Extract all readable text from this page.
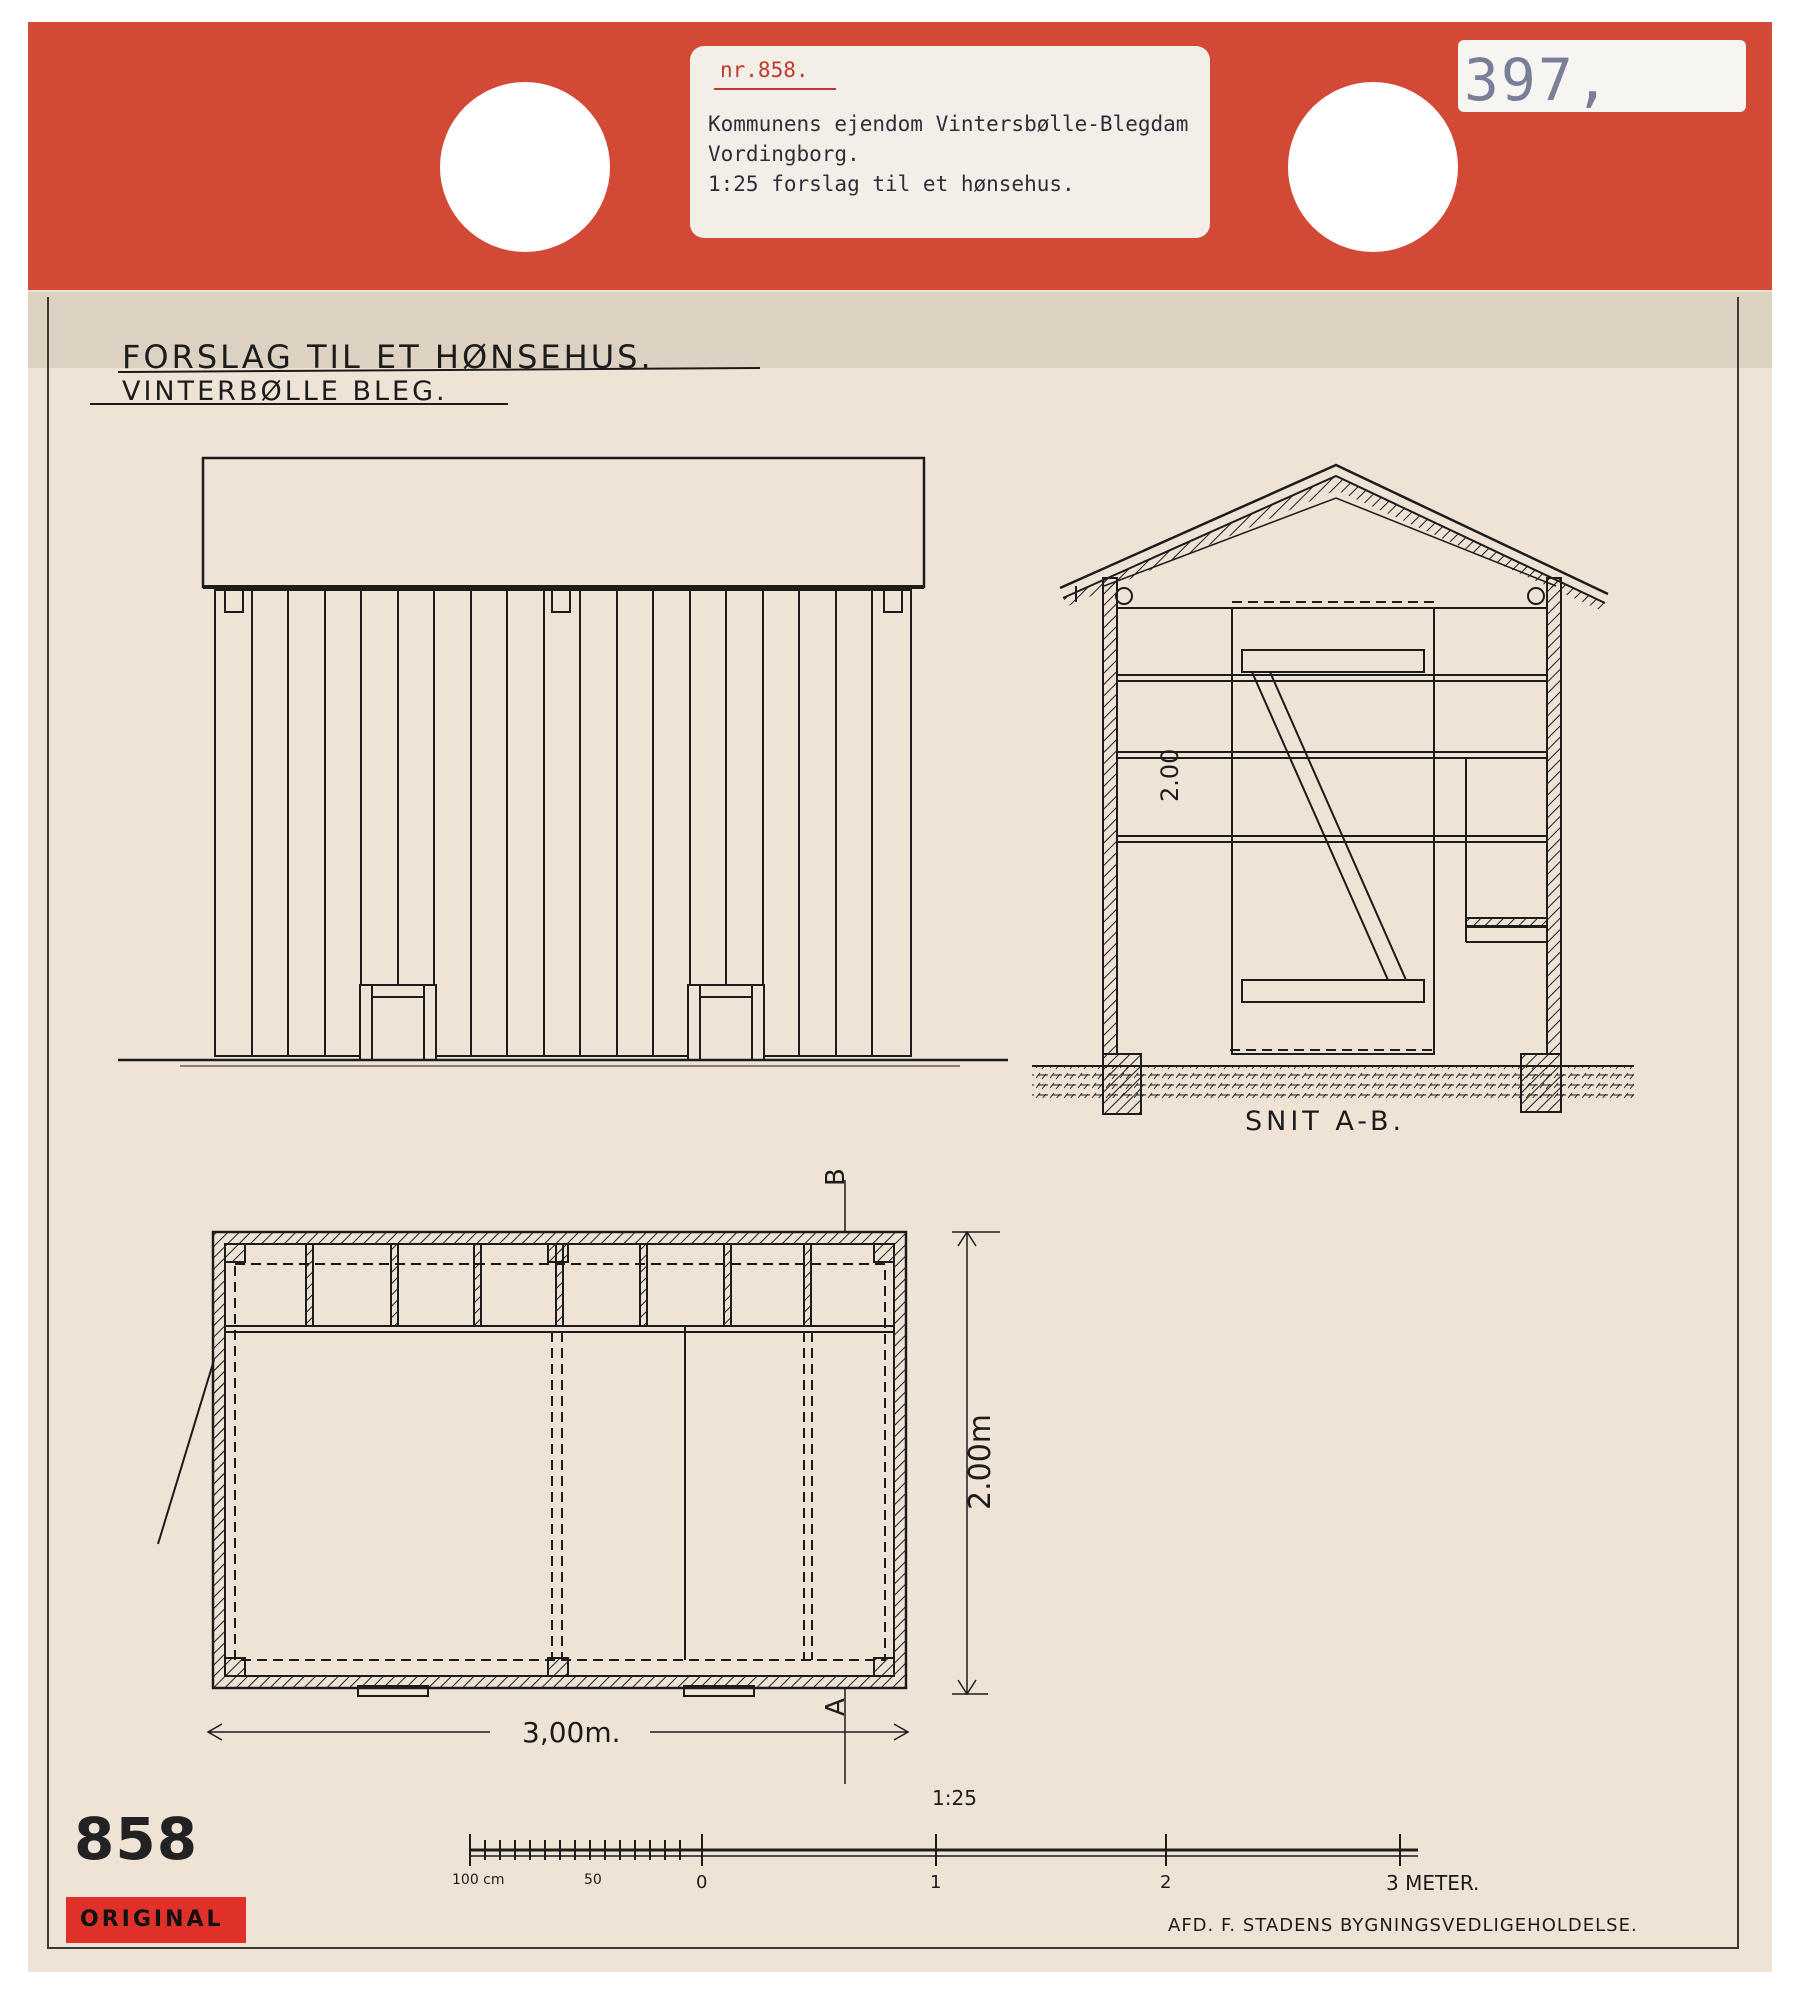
nr.858.
Kommunens ejendom Vintersbølle-Blegdam
Vordingborg.
1:25 forslag til et hønsehus.
397,
FORSLAG TIL ET HØNSEHUS.
VINTERBØLLE BLEG.
2.00
2.00m
3,00m.
B
A
100 cm	50	0	1	2	3 METER.
SNIT A-B.
1:25
AFD. F. STADENS BYGNINGSVEDLIGEHOLDELSE.
858
ORIGINAL
